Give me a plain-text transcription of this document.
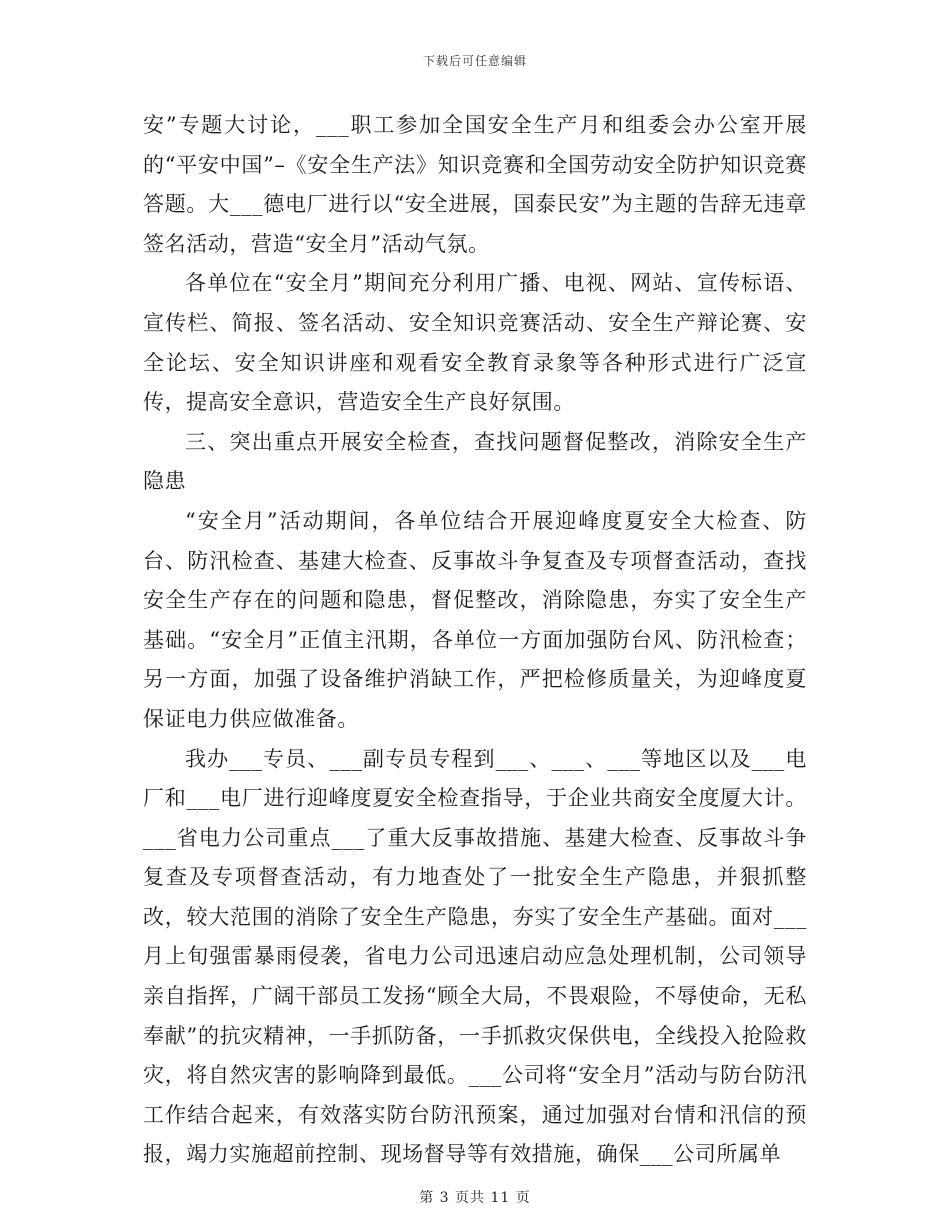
下载后可任意编辑

安”专题大讨论，___职工参加全国安全生产月和组委会办公室开展的“平安中国”–《安全生产法》知识竞赛和全国劳动安全防护知识竞赛答题。大___德电厂进行以“安全进展，国泰民安”为主题的告辞无违章签名活动，营造“安全月”活动气氛。

各单位在“安全月”期间充分利用广播、电视、网站、宣传标语、宣传栏、简报、签名活动、安全知识竞赛活动、安全生产辩论赛、安全论坛、安全知识讲座和观看安全教育录象等各种形式进行广泛宣传，提高安全意识，营造安全生产良好氛围。

三、突出重点开展安全检查，查找问题督促整改，消除安全生产隐患

“安全月”活动期间，各单位结合开展迎峰度夏安全大检查、防台、防汛检查、基建大检查、反事故斗争复查及专项督查活动，查找安全生产存在的问题和隐患，督促整改，消除隐患，夯实了安全生产基础。“安全月”正值主汛期，各单位一方面加强防台风、防汛检查；另一方面，加强了设备维护消缺工作，严把检修质量关，为迎峰度夏保证电力供应做准备。

我办___专员、___副专员专程到___、___、___等地区以及___电厂和___电厂进行迎峰度夏安全检查指导，于企业共商安全度厦大计。___省电力公司重点___了重大反事故措施、基建大检查、反事故斗争复查及专项督查活动，有力地查处了一批安全生产隐患，并狠抓整改，较大范围的消除了安全生产隐患，夯实了安全生产基础。面对___月上旬强雷暴雨侵袭，省电力公司迅速启动应急处理机制，公司领导亲自指挥，广阔干部员工发扬“顾全大局，不畏艰险，不辱使命，无私奉献”的抗灾精神，一手抓防备，一手抓救灾保供电，全线投入抢险救灾，将自然灾害的影响降到最低。___公司将“安全月”活动与防台防汛工作结合起来，有效落实防台防汛预案，通过加强对台情和汛信的预报，竭力实施超前控制、现场督导等有效措施，确保___公司所属单

第 3 页共 11 页
